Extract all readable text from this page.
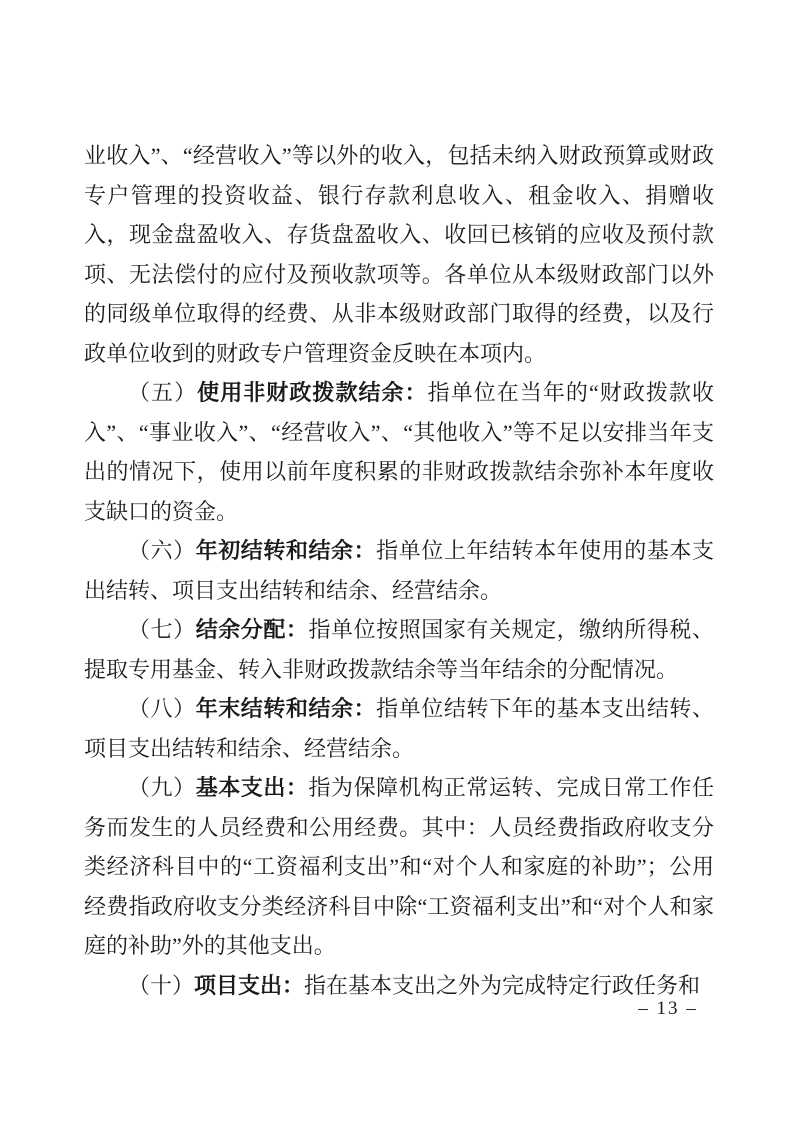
业收入”、“经营收入”等以外的收入，包括未纳入财政预算或财政专户管理的投资收益、银行存款利息收入、租金收入、捐赠收入，现金盘盈收入、存货盘盈收入、收回已核销的应收及预付款项、无法偿付的应付及预收款项等。各单位从本级财政部门以外的同级单位取得的经费、从非本级财政部门取得的经费，以及行政单位收到的财政专户管理资金反映在本项内。

（五）使用非财政拨款结余：指单位在当年的“财政拨款收入”、“事业收入”、“经营收入”、“其他收入”等不足以安排当年支出的情况下，使用以前年度积累的非财政拨款结余弥补本年度收支缺口的资金。

（六）年初结转和结余：指单位上年结转本年使用的基本支出结转、项目支出结转和结余、经营结余。

（七）结余分配：指单位按照国家有关规定，缴纳所得税、提取专用基金、转入非财政拨款结余等当年结余的分配情况。

（八）年末结转和结余：指单位结转下年的基本支出结转、项目支出结转和结余、经营结余。

（九）基本支出：指为保障机构正常运转、完成日常工作任务而发生的人员经费和公用经费。其中：人员经费指政府收支分类经济科目中的“工资福利支出”和“对个人和家庭的补助”；公用经费指政府收支分类经济科目中除“工资福利支出”和“对个人和家庭的补助”外的其他支出。

（十）项目支出：指在基本支出之外为完成特定行政任务和

– 13 –
